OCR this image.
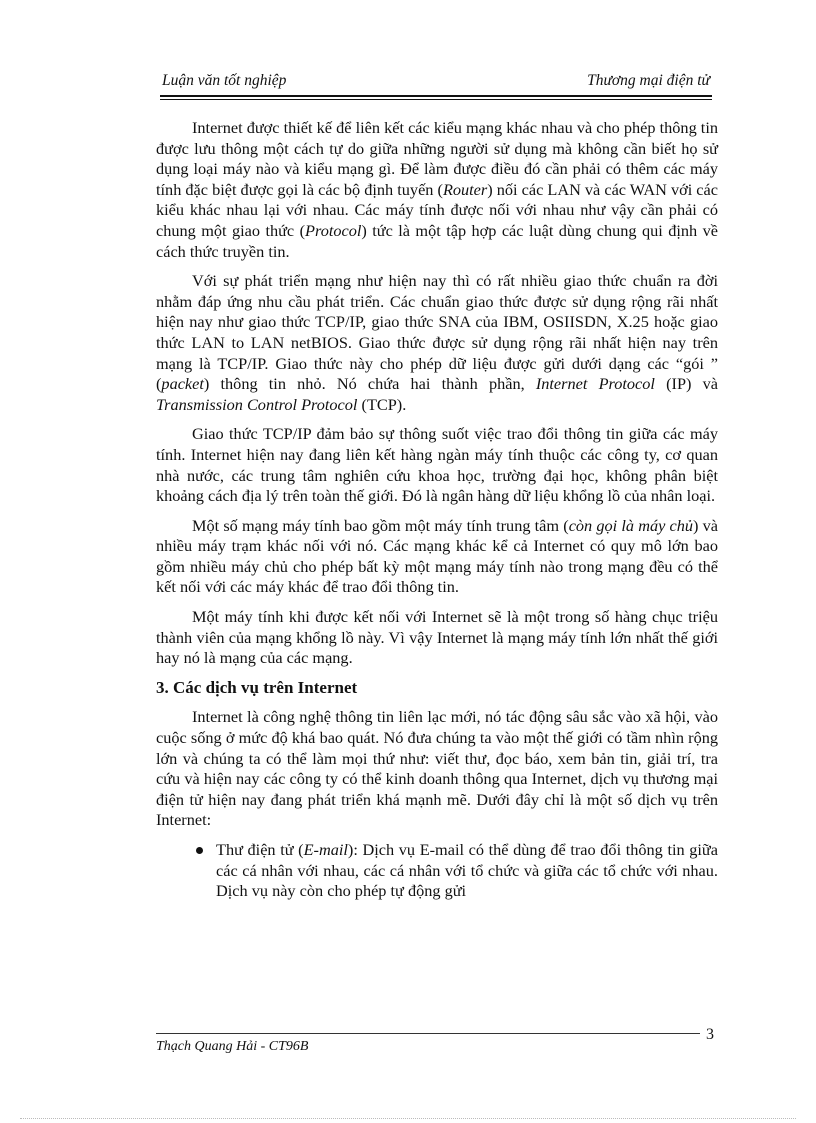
Luận văn tốt nghiệp	Thương mại điện tử

Internet được thiết kế để liên kết các kiểu mạng khác nhau và cho phép thông tin được lưu thông một cách tự do giữa những người sử dụng mà không cần biết họ sử dụng loại máy nào và kiểu mạng gì. Để làm được điều đó cần phải có thêm các máy tính đặc biệt được gọi là các bộ định tuyến (Router) nối các LAN và các WAN với các kiểu khác nhau lại với nhau. Các máy tính được nối với nhau như vậy cần phải có chung một giao thức (Protocol) tức là một tập hợp các luật dùng chung qui định về cách thức truyền tin.

Với sự phát triển mạng như hiện nay thì có rất nhiều giao thức chuẩn ra đời nhằm đáp ứng nhu cầu phát triển. Các chuẩn giao thức được sử dụng rộng rãi nhất hiện nay như giao thức TCP/IP, giao thức SNA của IBM, OSIISDN, X.25 hoặc giao thức LAN to LAN netBIOS. Giao thức được sử dụng rộng rãi nhất hiện nay trên mạng là TCP/IP. Giao thức này cho phép dữ liệu được gửi dưới dạng các “gói ” (packet) thông tin nhỏ. Nó chứa hai thành phần, Internet Protocol (IP) và Transmission Control Protocol (TCP).

Giao thức TCP/IP đảm bảo sự thông suốt việc trao đổi thông tin giữa các máy tính. Internet hiện nay đang liên kết hàng ngàn máy tính thuộc các công ty, cơ quan nhà nước, các trung tâm nghiên cứu khoa học, trường đại học, không phân biệt khoảng cách địa lý trên toàn thế giới. Đó là ngân hàng dữ liệu khổng lồ của nhân loại.

Một số mạng máy tính bao gồm một máy tính trung tâm (còn gọi là máy chủ) và nhiều máy trạm khác nối với nó. Các mạng khác kể cả Internet có quy mô lớn bao gồm nhiều máy chủ cho phép bất kỳ một mạng máy tính nào trong mạng đều có thể kết nối với các máy khác để trao đổi thông tin.

Một máy tính khi được kết nối với Internet sẽ là một trong số hàng chục triệu thành viên của mạng khổng lồ này. Vì vậy Internet là mạng máy tính lớn nhất thế giới hay nó là mạng của các mạng.

3. Các dịch vụ trên Internet

Internet là công nghệ thông tin liên lạc mới, nó tác động sâu sắc vào xã hội, vào cuộc sống ở mức độ khá bao quát. Nó đưa chúng ta vào một thế giới có tầm nhìn rộng lớn và chúng ta có thể làm mọi thứ như: viết thư, đọc báo, xem bản tin, giải trí, tra cứu và hiện nay các công ty có thể kinh doanh thông qua Internet, dịch vụ thương mại điện tử hiện nay đang phát triển khá mạnh mẽ. Dưới đây chỉ là một số dịch vụ trên Internet:

Thư điện tử (E-mail): Dịch vụ E-mail có thể dùng để trao đổi thông tin giữa các cá nhân với nhau, các cá nhân với tổ chức và giữa các tổ chức với nhau. Dịch vụ này còn cho phép tự động gửi

Thạch Quang Hải - CT96B
3
